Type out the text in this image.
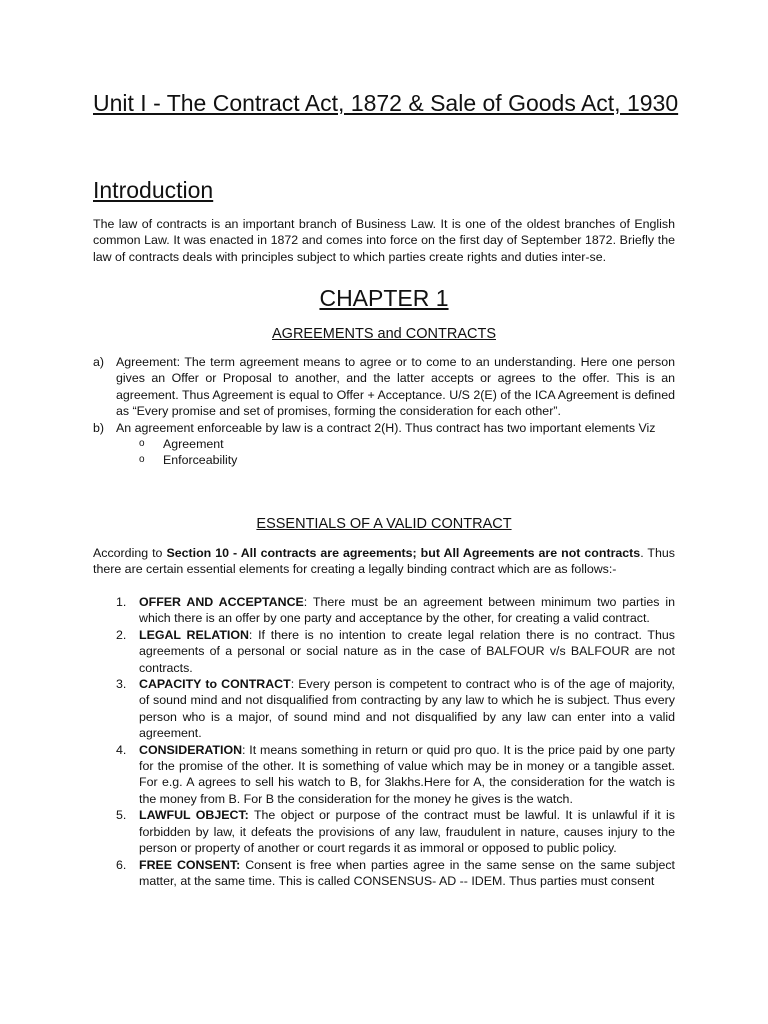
Unit I - The Contract Act, 1872 & Sale of Goods Act, 1930
Introduction
The law of contracts is an important branch of Business Law. It is one of the oldest branches of English common Law. It was enacted in 1872 and comes into force on the first day of September 1872. Briefly the law of contracts deals with principles subject to which parties create rights and duties inter-se.
CHAPTER 1
AGREEMENTS and CONTRACTS
a) Agreement: The term agreement means to agree or to come to an understanding. Here one person gives an Offer or Proposal to another, and the latter accepts or agrees to the offer. This is an agreement. Thus Agreement is equal to Offer + Acceptance. U/S 2(E) of the ICA Agreement is defined as “Every promise and set of promises, forming the consideration for each other”.
b) An agreement enforceable by law is a contract 2(H). Thus contract has two important elements Viz
o Agreement
o Enforceability
ESSENTIALS OF A VALID CONTRACT
According to Section 10 - All contracts are agreements; but All Agreements are not contracts. Thus there are certain essential elements for creating a legally binding contract which are as follows:-
1. OFFER AND ACCEPTANCE: There must be an agreement between minimum two parties in which there is an offer by one party and acceptance by the other, for creating a valid contract.
2. LEGAL RELATION: If there is no intention to create legal relation there is no contract. Thus agreements of a personal or social nature as in the case of BALFOUR v/s BALFOUR are not contracts.
3. CAPACITY to CONTRACT: Every person is competent to contract who is of the age of majority, of sound mind and not disqualified from contracting by any law to which he is subject. Thus every person who is a major, of sound mind and not disqualified by any law can enter into a valid agreement.
4. CONSIDERATION: It means something in return or quid pro quo. It is the price paid by one party for the promise of the other. It is something of value which may be in money or a tangible asset. For e.g. A agrees to sell his watch to B, for 3lakhs.Here for A, the consideration for the watch is the money from B. For B the consideration for the money he gives is the watch.
5. LAWFUL OBJECT: The object or purpose of the contract must be lawful. It is unlawful if it is forbidden by law, it defeats the provisions of any law, fraudulent in nature, causes injury to the person or property of another or court regards it as immoral or opposed to public policy.
6. FREE CONSENT: Consent is free when parties agree in the same sense on the same subject matter, at the same time. This is called CONSENSUS- AD -- IDEM. Thus parties must consent
